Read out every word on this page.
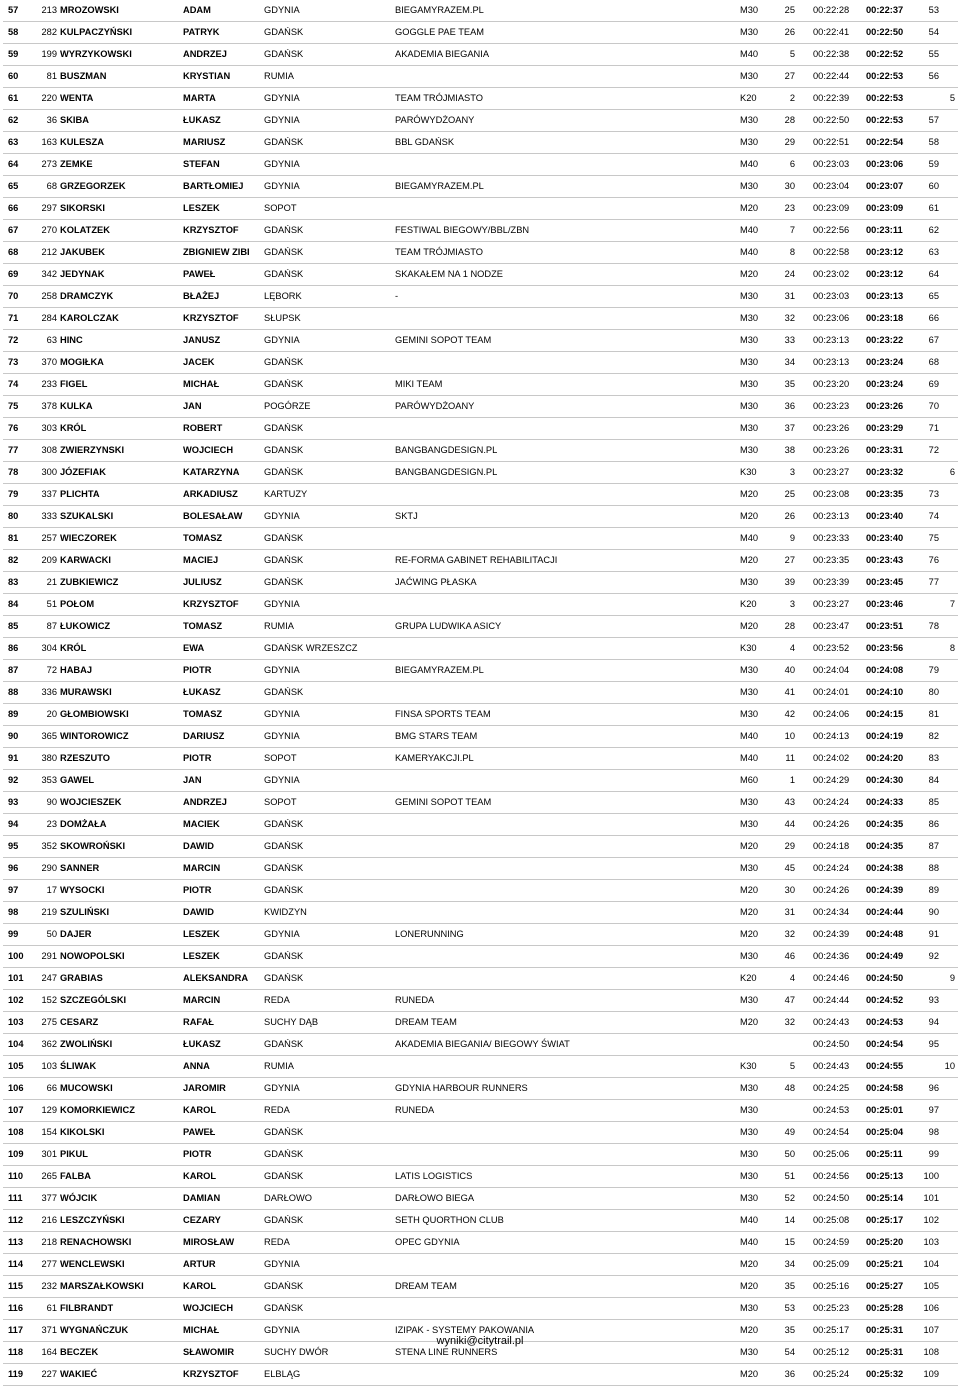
57	213 MROZOWSKI	ADAM	GDYNIA	BIEGAMYRAZEM.PL	M30	25 00:22:28	00:22:37	53
58	282 KULPACZYŃSKI	PATRYK	GDAŃSK	GOGGLE PAE TEAM	M30	26 00:22:41	00:22:50	54
59	199 WYRZYKOWSKI	ANDRZEJ	GDAŃSK	AKADEMIA BIEGANIA	M40	5 00:22:38	00:22:52	55
60	81 BUSZMAN	KRYSTIAN	RUMIA	M30	27 00:22:44	00:22:53	56
61	220 WENTA	MARTA	GDYNIA	TEAM TRÓJMIASTO	K20	2 00:22:39	00:22:53	5
62	36 SKIBA	ŁUKASZ	GDYNIA	PARÓWYDŻOANY	M30	28 00:22:50	00:22:53	57
63	163 KULESZA	MARIUSZ	GDAŃSK	BBL GDAŃSK	M30	29 00:22:51	00:22:54	58
64	273 ZEMKE	STEFAN	GDYNIA	M40	6 00:23:03	00:23:06	59
65	68 GRZEGORZEK	BARTŁOMIEJ	GDYNIA	BIEGAMYRAZEM.PL	M30	30 00:23:04	00:23:07	60
66	297 SIKORSKI	LESZEK	SOPOT	M20	23 00:23:09	00:23:09	61
67	270 KOLATZEK	KRZYSZTOF	GDAŃSK	FESTIWAL BIEGOWY/BBL/ZBN	M40	7 00:22:56	00:23:11	62
68	212 JAKUBEK	ZBIGNIEW ZIBI	GDAŃSK	TEAM TRÓJMIASTO	M40	8 00:22:58	00:23:12	63
69	342 JEDYNAK	PAWEŁ	GDAŃSK	SKAKAŁEM NA 1 NODZE	M20	24 00:23:02	00:23:12	64
70	258 DRAMCZYK	BŁAŻEJ	LĘBORK	-	M30	31 00:23:03	00:23:13	65
71	284 KAROLCZAK	KRZYSZTOF	SŁUPSK	M30	32 00:23:06	00:23:18	66
72	63 HINC	JANUSZ	GDYNIA	GEMINI SOPOT TEAM	M30	33 00:23:13	00:23:22	67
73	370 MOGIŁKA	JACEK	GDAŃSK	M30	34 00:23:13	00:23:24	68
74	233 FIGEL	MICHAŁ	GDAŃSK	MIKI TEAM	M30	35 00:23:20	00:23:24	69
75	378 KULKA	JAN	POGÓRZE	PARÓWYDŻOANY	M30	36 00:23:23	00:23:26	70
76	303 KRÓL	ROBERT	GDAŃSK	M30	37 00:23:26	00:23:29	71
77	308 ZWIERZYNSKI	WOJCIECH	GDANSK	BANGBANGDESIGN.PL	M30	38 00:23:26	00:23:31	72
78	300 JÓZEFIAK	KATARZYNA	GDAŃSK	BANGBANGDESIGN.PL	K30	3 00:23:27	00:23:32	6
79	337 PLICHTA	ARKADIUSZ	KARTUZY	M20	25 00:23:08	00:23:35	73
80	333 SZUKALSKI	BOLESAŁAW	GDYNIA	SKTJ	M20	26 00:23:13	00:23:40	74
81	257 WIECZOREK	TOMASZ	GDAŃSK	M40	9 00:23:33	00:23:40	75
82	209 KARWACKI	MACIEJ	GDAŃSK	RE-FORMA GABINET REHABILITACJI	M20	27 00:23:35	00:23:43	76
83	21 ZUBKIEWICZ	JULIUSZ	GDAŃSK	JAĆWING PŁASKA	M30	39 00:23:39	00:23:45	77
84	51 POŁOM	KRZYSZTOF	GDYNIA	K20	3 00:23:27	00:23:46	7
85	87 ŁUKOWICZ	TOMASZ	RUMIA	GRUPA LUDWIKA ASICY	M20	28 00:23:47	00:23:51	78
86	304 KRÓL	EWA	GDAŃSK WRZESZCZ	K30	4 00:23:52	00:23:56	8
87	72 HABAJ	PIOTR	GDYNIA	BIEGAMYRAZEM.PL	M30	40 00:24:04	00:24:08	79
88	336 MURAWSKI	ŁUKASZ	GDAŃSK	M30	41 00:24:01	00:24:10	80
89	20 GŁOMBIOWSKI	TOMASZ	GDYNIA	FINSA SPORTS TEAM	M30	42 00:24:06	00:24:15	81
90	365 WINTOROWICZ	DARIUSZ	GDYNIA	BMG STARS TEAM	M40	10 00:24:13	00:24:19	82
91	380 RZESZUTO	PIOTR	SOPOT	KAMERYAKCJI.PL	M40	11 00:24:02	00:24:20	83
92	353 GAWEL	JAN	GDYNIA	M60	1 00:24:29	00:24:30	84
93	90 WOJCIESZEK	ANDRZEJ	SOPOT	GEMINI SOPOT TEAM	M30	43 00:24:24	00:24:33	85
94	23 DOMŻAŁA	MACIEK	GDAŃSK	M30	44 00:24:26	00:24:35	86
95	352 SKOWROŃSKI	DAWID	GDAŃSK	M20	29 00:24:18	00:24:35	87
96	290 SANNER	MARCIN	GDAŃSK	M30	45 00:24:24	00:24:38	88
97	17 WYSOCKI	PIOTR	GDAŃSK	M20	30 00:24:26	00:24:39	89
98	219 SZULIŃSKI	DAWID	KWIDZYN	M20	31 00:24:34	00:24:44	90
99	50 DAJER	LESZEK	GDYNIA	LONERUNNING	M20	32 00:24:39	00:24:48	91
100	291 NOWOPOLSKI	LESZEK	GDAŃSK	M30	46 00:24:36	00:24:49	92
101	247 GRABIAS	ALEKSANDRA	GDAŃSK	K20	4 00:24:46	00:24:50	9
102	152 SZCZEGÓLSKI	MARCIN	REDA	RUNEDA	M30	47 00:24:44	00:24:52	93
103	275 CESARZ	RAFAŁ	SUCHY DĄB	DREAM TEAM	M20	32 00:24:43	00:24:53	94
104	362 ZWOLIŃSKI	ŁUKASZ	GDAŃSK	AKADEMIA BIEGANIA/ BIEGOWY ŚWIAT	00:24:50	00:24:54	95
105	103 ŚLIWAK	ANNA	RUMIA	K30	5 00:24:43	00:24:55	10
106	66 MUCOWSKI	JAROMIR	GDYNIA	GDYNIA HARBOUR RUNNERS	M30	48 00:24:25	00:24:58	96
107	129 KOMORKIEWICZ	KAROL	REDA	RUNEDA	M30	00:24:53	00:25:01	97
108	154 KIKOLSKI	PAWEŁ	GDAŃSK	M30	49 00:24:54	00:25:04	98
109	301 PIKUL	PIOTR	GDAŃSK	M30	50 00:25:06	00:25:11	99
110	265 FALBA	KAROL	GDAŃSK	LATIS LOGISTICS	M30	51 00:24:56	00:25:13	100
111	377 WÓJCIK	DAMIAN	DARŁOWO	DARŁOWO BIEGA	M30	52 00:24:50	00:25:14	101
112	216 LESZCZYŃSKI	CEZARY	GDAŃSK	SETH QUORTHON CLUB	M40	14 00:25:08	00:25:17	102
113	218 RENACHOWSKI	MIROSŁAW	REDA	OPEC GDYNIA	M40	15 00:24:59	00:25:20	103
114	277 WENCLEWSKI	ARTUR	GDYNIA	M20	34 00:25:09	00:25:21	104
115	232 MARSZAŁKOWSKI	KAROL	GDAŃSK	DREAM TEAM	M20	35 00:25:16	00:25:27	105
116	61 FILBRANDT	WOJCIECH	GDAŃSK	M30	53 00:25:23	00:25:28	106
117	371 WYGNAŃCZUK	MICHAŁ	GDYNIA	IZIPAK - SYSTEMY PAKOWANIA	M20	35 00:25:17	00:25:31	107
118	164 BECZEK	SŁAWOMIR	SUCHY DWÓR	STENA LINE RUNNERS	M30	54 00:25:12	00:25:31	108
119	227 WAKIEĆ	KRZYSZTOF	ELBLĄG	M20	36 00:25:24	00:25:32	109
wyniki@citytrail.pl
